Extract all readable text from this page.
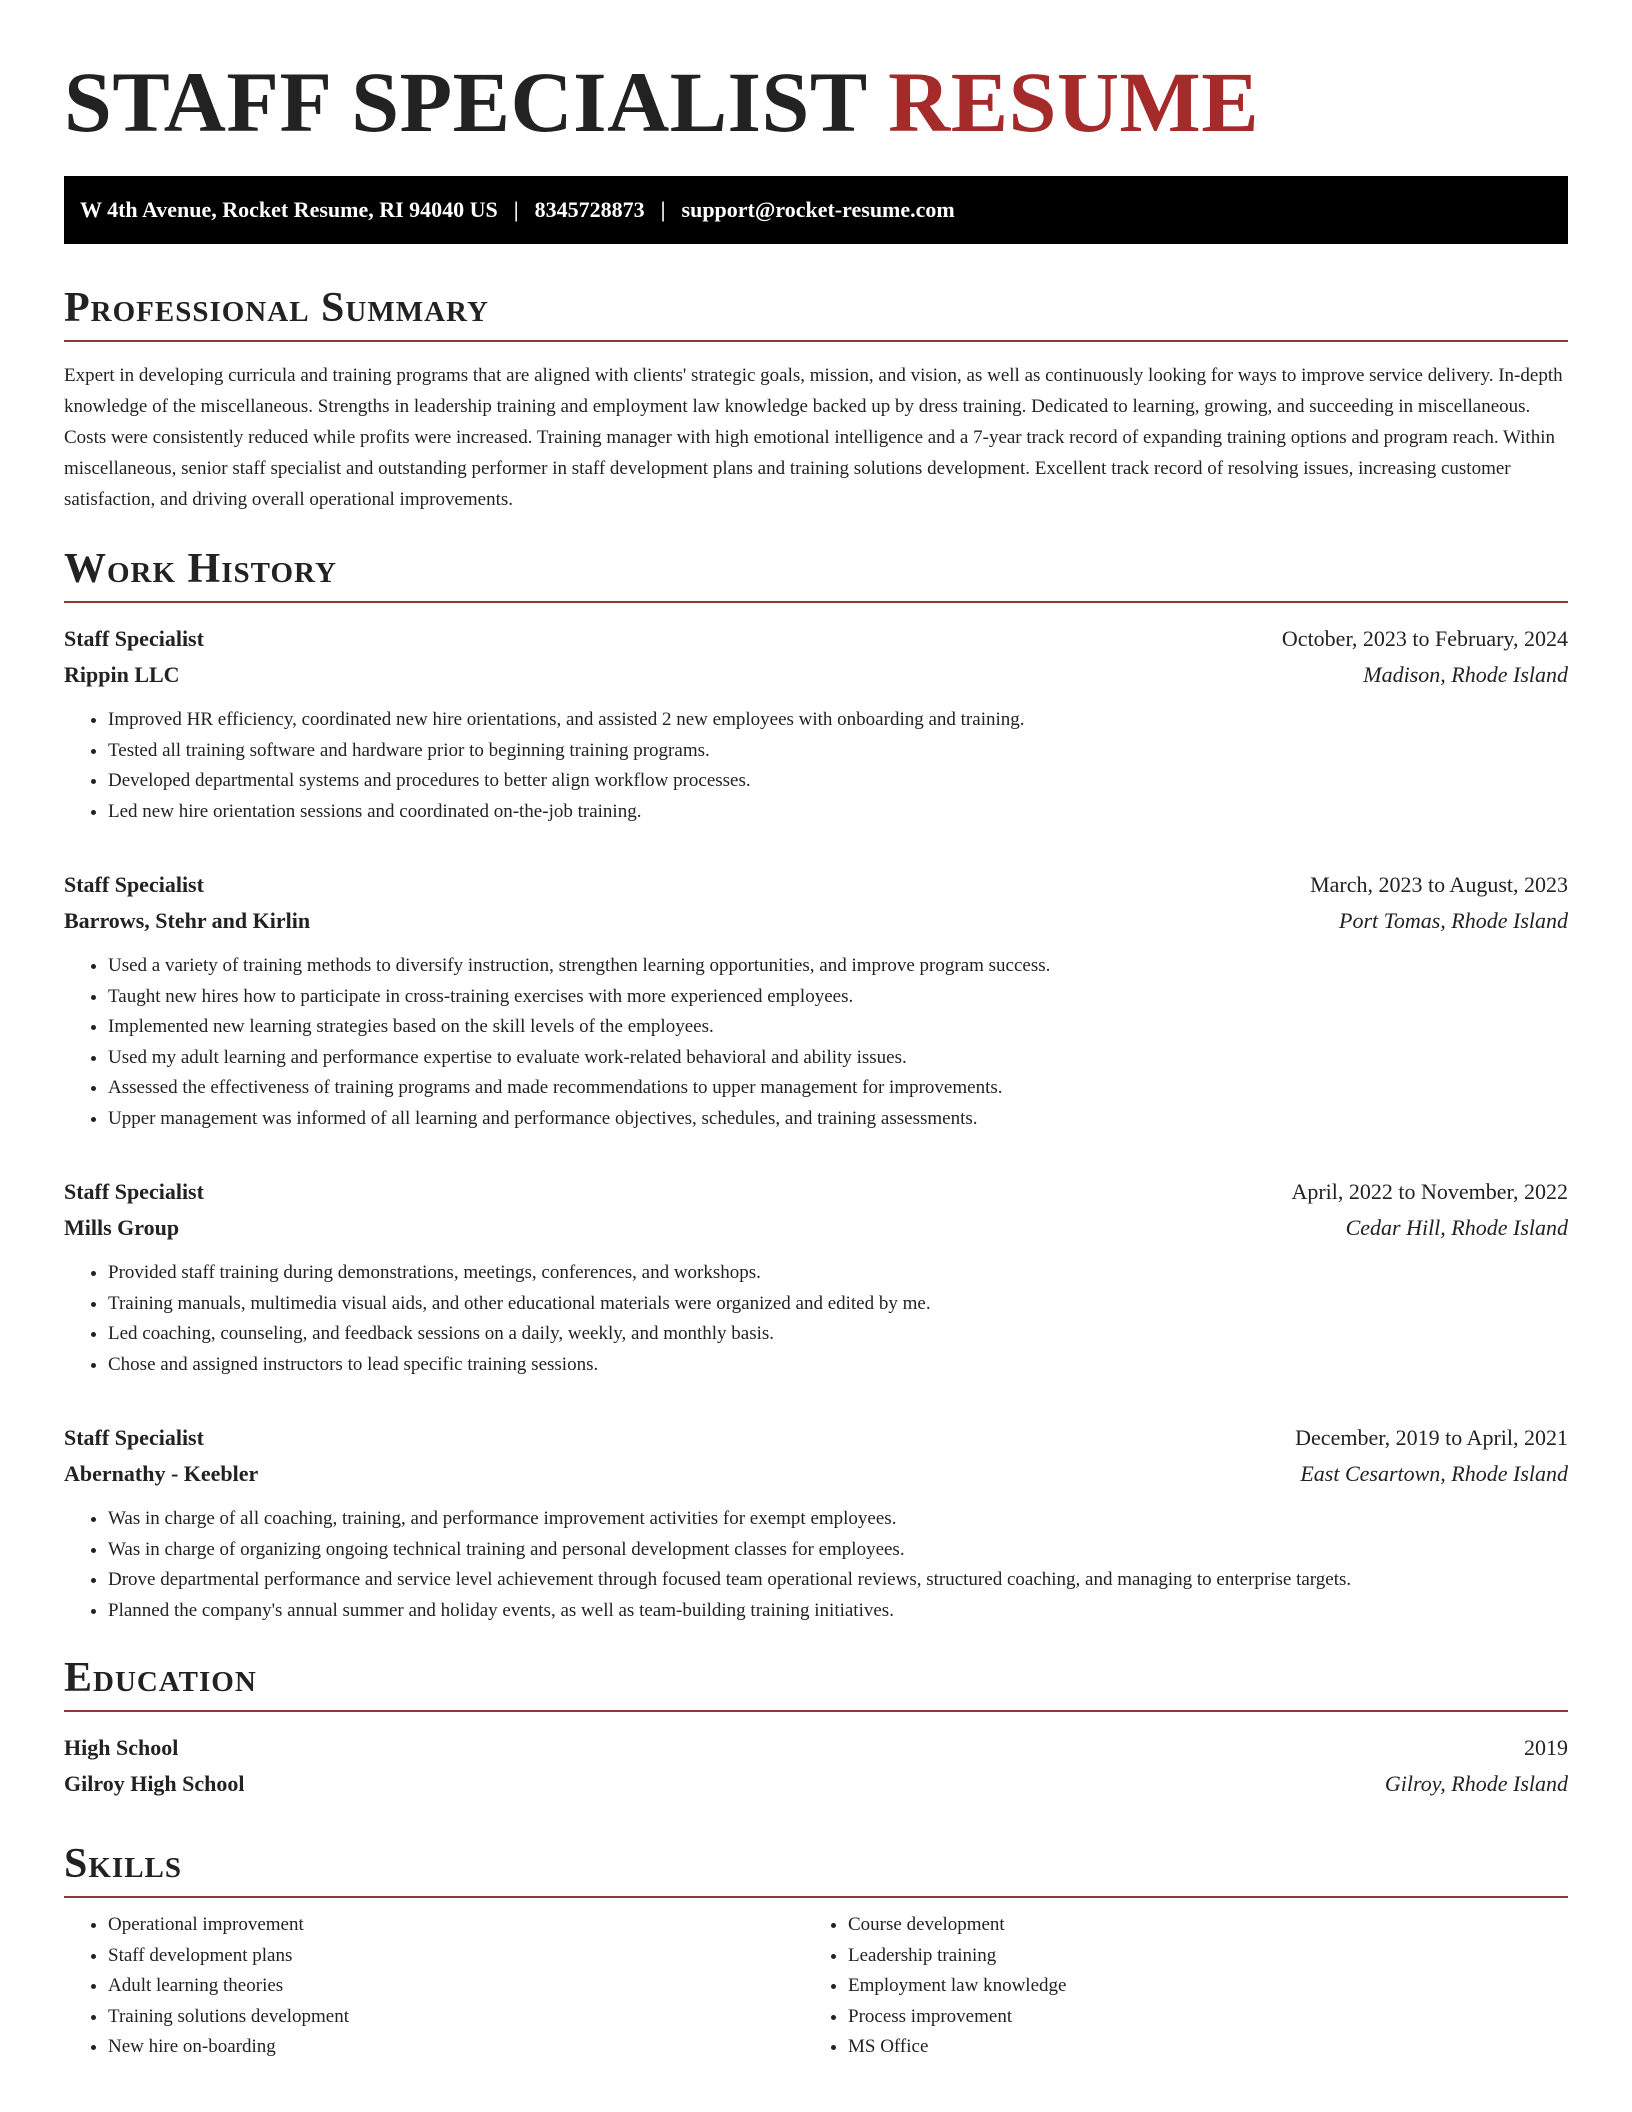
STAFF SPECIALIST RESUME
W 4th Avenue, Rocket Resume, RI 94040 US | 8345728873 | support@rocket-resume.com
Professional Summary

Expert in developing curricula and training programs that are aligned with clients' strategic goals, mission, and vision, as well as continuously looking for ways to improve service delivery. In-depth knowledge of the miscellaneous. Strengths in leadership training and employment law knowledge backed up by dress training. Dedicated to learning, growing, and succeeding in miscellaneous. Costs were consistently reduced while profits were increased. Training manager with high emotional intelligence and a 7-year track record of expanding training options and program reach. Within miscellaneous, senior staff specialist and outstanding performer in staff development plans and training solutions development. Excellent track record of resolving issues, increasing customer satisfaction, and driving overall operational improvements.

Work History
Staff Specialist	October, 2023 to February, 2024
Rippin LLC	Madison, Rhode Island
• Improved HR efficiency, coordinated new hire orientations, and assisted 2 new employees with onboarding and training.
• Tested all training software and hardware prior to beginning training programs.
• Developed departmental systems and procedures to better align workflow processes.
• Led new hire orientation sessions and coordinated on-the-job training.
Staff Specialist	March, 2023 to August, 2023
Barrows, Stehr and Kirlin	Port Tomas, Rhode Island
• Used a variety of training methods to diversify instruction, strengthen learning opportunities, and improve program success.
• Taught new hires how to participate in cross-training exercises with more experienced employees.
• Implemented new learning strategies based on the skill levels of the employees.
• Used my adult learning and performance expertise to evaluate work-related behavioral and ability issues.
• Assessed the effectiveness of training programs and made recommendations to upper management for improvements.
• Upper management was informed of all learning and performance objectives, schedules, and training assessments.
Staff Specialist	April, 2022 to November, 2022
Mills Group	Cedar Hill, Rhode Island
• Provided staff training during demonstrations, meetings, conferences, and workshops.
• Training manuals, multimedia visual aids, and other educational materials were organized and edited by me.
• Led coaching, counseling, and feedback sessions on a daily, weekly, and monthly basis.
• Chose and assigned instructors to lead specific training sessions.
Staff Specialist	December, 2019 to April, 2021
Abernathy - Keebler	East Cesartown, Rhode Island
• Was in charge of all coaching, training, and performance improvement activities for exempt employees.
• Was in charge of organizing ongoing technical training and personal development classes for employees.
• Drove departmental performance and service level achievement through focused team operational reviews, structured coaching, and managing to enterprise targets.
• Planned the company's annual summer and holiday events, as well as team-building training initiatives.
Education
High School	2019
Gilroy High School	Gilroy, Rhode Island
Skills
• Operational improvement
• Staff development plans
• Adult learning theories
• Training solutions development
• New hire on-boarding
• Course development
• Leadership training
• Employment law knowledge
• Process improvement
• MS Office
